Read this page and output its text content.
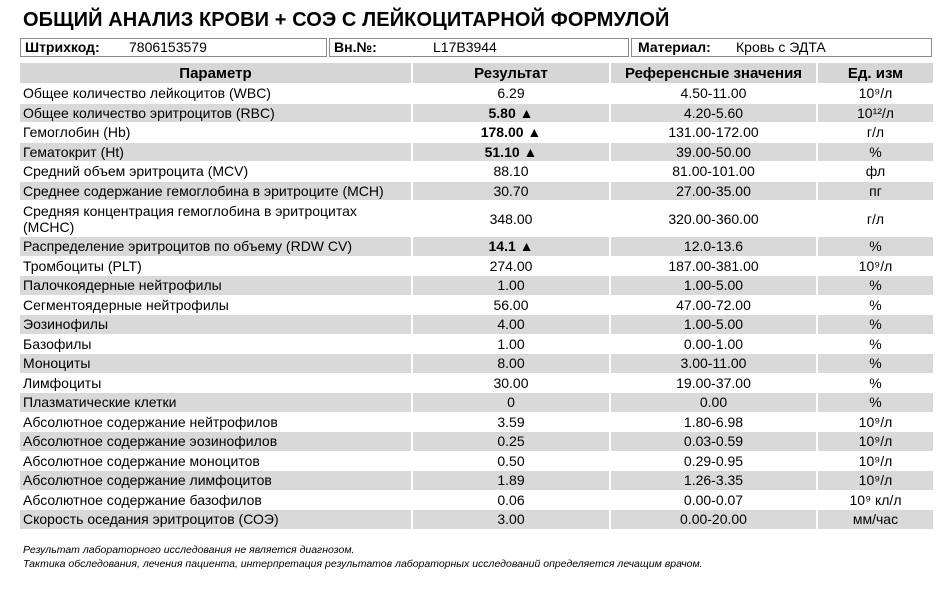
ОБЩИЙ АНАЛИЗ КРОВИ + СОЭ С ЛЕЙКОЦИТАРНОЙ ФОРМУЛОЙ
Штрихкод: 7806153579	Вн.№:	L17B3944	Материал: Кровь с ЭДТА
Параметр	Результат	Референсные значения	Ед. изм
Общее количество лейкоцитов (WBC)	6.29	4.50-11.00	10⁹/л
Общее количество эритроцитов (RBC)	5.80 ▲	4.20-5.60	10¹²/л
Гемоглобин (Hb)	178.00 ▲	131.00-172.00	г/л
Гематокрит (Ht)	51.10 ▲	39.00-50.00	%
Средний объем эритроцита (MCV)	88.10	81.00-101.00	фл
Среднее содержание гемоглобина в эритроците (MCH)	30.70	27.00-35.00	пг
Средняя концентрация гемоглобина в эритроцитах (MCHC)	348.00	320.00-360.00	г/л
Распределение эритроцитов по объему (RDW CV)	14.1 ▲	12.0-13.6	%
Тромбоциты (PLT)	274.00	187.00-381.00	10⁹/л
Палочкоядерные нейтрофилы	1.00	1.00-5.00	%
Сегментоядерные нейтрофилы	56.00	47.00-72.00	%
Эозинофилы	4.00	1.00-5.00	%
Базофилы	1.00	0.00-1.00	%
Моноциты	8.00	3.00-11.00	%
Лимфоциты	30.00	19.00-37.00	%
Плазматические клетки	0	0.00	%
Абсолютное содержание нейтрофилов	3.59	1.80-6.98	10⁹/л
Абсолютное содержание эозинофилов	0.25	0.03-0.59	10⁹/л
Абсолютное содержание моноцитов	0.50	0.29-0.95	10⁹/л
Абсолютное содержание лимфоцитов	1.89	1.26-3.35	10⁹/л
Абсолютное содержание базофилов	0.06	0.00-0.07	10⁹ кл/л
Скорость оседания эритроцитов (СОЭ)	3.00	0.00-20.00	мм/час
Результат лабораторного исследования не является диагнозом.
Тактика обследования, лечения пациента, интерпретация результатов лабораторных исследований определяется лечащим врачом.
